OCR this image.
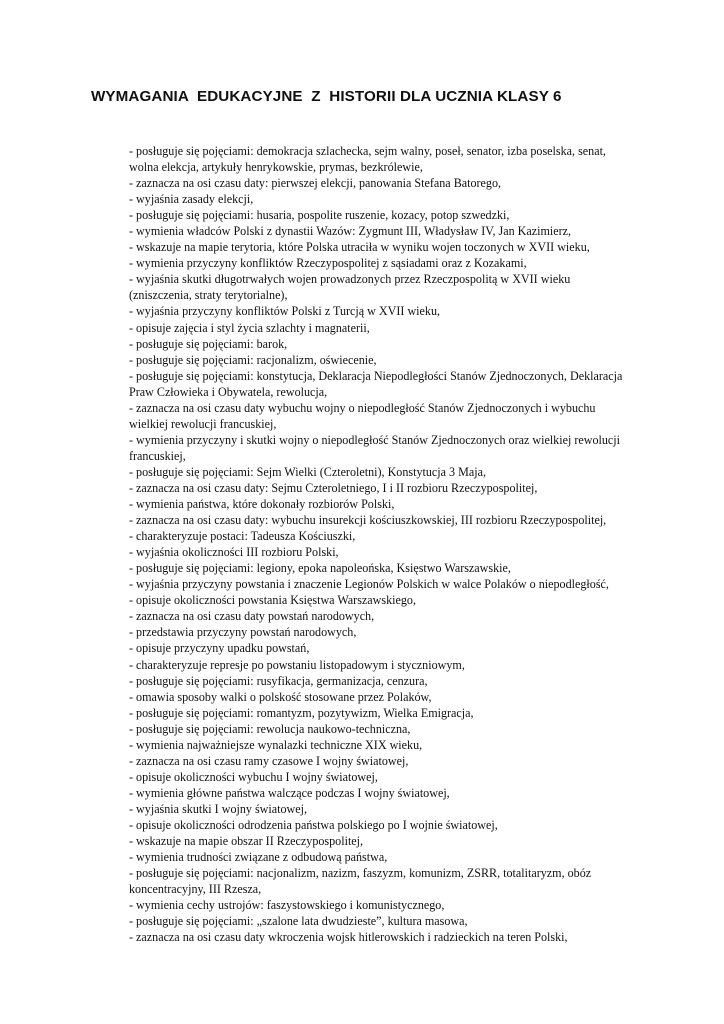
WYMAGANIA  EDUKACYJNE  Z  HISTORII DLA UCZNIA KLASY 6

- posługuje się pojęciami: demokracja szlachecka, sejm walny, poseł, senator, izba poselska, senat, wolna elekcja, artykuły henrykowskie, prymas, bezkrólewie,

- zaznacza na osi czasu daty: pierwszej elekcji, panowania Stefana Batorego,

- wyjaśnia zasady elekcji,

- posługuje się pojęciami: husaria, pospolite ruszenie, kozacy, potop szwedzki,

- wymienia władców Polski z dynastii Wazów: Zygmunt III, Władysław IV, Jan Kazimierz,

- wskazuje na mapie terytoria, które Polska utraciła w wyniku wojen toczonych w XVII wieku,

- wymienia przyczyny konfliktów Rzeczypospolitej z sąsiadami oraz z Kozakami,

- wyjaśnia skutki długotrwałych wojen prowadzonych przez Rzeczpospolitą w XVII wieku (zniszczenia, straty terytorialne),

- wyjaśnia przyczyny konfliktów Polski z Turcją w XVII wieku,

- opisuje zajęcia i styl życia szlachty i magnaterii,

- posługuje się pojęciami: barok,

- posługuje się pojęciami: racjonalizm, oświecenie,

- posługuje się pojęciami: konstytucja, Deklaracja Niepodległości Stanów Zjednoczonych, Deklaracja Praw Człowieka i Obywatela, rewolucja,

- zaznacza na osi czasu daty wybuchu wojny o niepodległość Stanów Zjednoczonych i wybuchu wielkiej rewolucji francuskiej,

- wymienia przyczyny i skutki wojny o niepodległość Stanów Zjednoczonych oraz wielkiej rewolucji francuskiej,

- posługuje się pojęciami: Sejm Wielki (Czteroletni), Konstytucja 3 Maja,

- zaznacza na osi czasu daty: Sejmu Czteroletniego, I i II rozbioru Rzeczypospolitej,

- wymienia państwa, które dokonały rozbiorów Polski,

- zaznacza na osi czasu daty: wybuchu insurekcji kościuszkowskiej, III rozbioru Rzeczypospolitej,

- charakteryzuje postaci: Tadeusza Kościuszki,

- wyjaśnia okoliczności III rozbioru Polski,

- posługuje się pojęciami: legiony, epoka napoleońska, Księstwo Warszawskie,

- wyjaśnia przyczyny powstania i znaczenie Legionów Polskich w walce Polaków o niepodległość,

- opisuje okoliczności powstania Księstwa Warszawskiego,

- zaznacza na osi czasu daty powstań narodowych,

- przedstawia przyczyny powstań narodowych,

- opisuje przyczyny upadku powstań,

- charakteryzuje represje po powstaniu listopadowym i styczniowym,

- posługuje się pojęciami: rusyfikacja, germanizacja, cenzura,

- omawia sposoby walki o polskość stosowane przez Polaków,

- posługuje się pojęciami: romantyzm, pozytywizm, Wielka Emigracja,

- posługuje się pojęciami: rewolucja naukowo-techniczna,

- wymienia najważniejsze wynalazki techniczne XIX wieku,

- zaznacza na osi czasu ramy czasowe I wojny światowej,

- opisuje okoliczności wybuchu I wojny światowej,

- wymienia główne państwa walczące podczas I wojny światowej,

- wyjaśnia skutki I wojny światowej,

- opisuje okoliczności odrodzenia państwa polskiego po I wojnie światowej,

- wskazuje na mapie obszar II Rzeczypospolitej,

- wymienia trudności związane z odbudową państwa,

- posługuje się pojęciami: nacjonalizm, nazizm, faszyzm, komunizm, ZSRR, totalitaryzm, obóz koncentracyjny, III Rzesza,

- wymienia cechy ustrojów: faszystowskiego i komunistycznego,

- posługuje się pojęciami: „szalone lata dwudzieste”, kultura masowa,

- zaznacza na osi czasu daty wkroczenia wojsk hitlerowskich i radzieckich na teren Polski,
